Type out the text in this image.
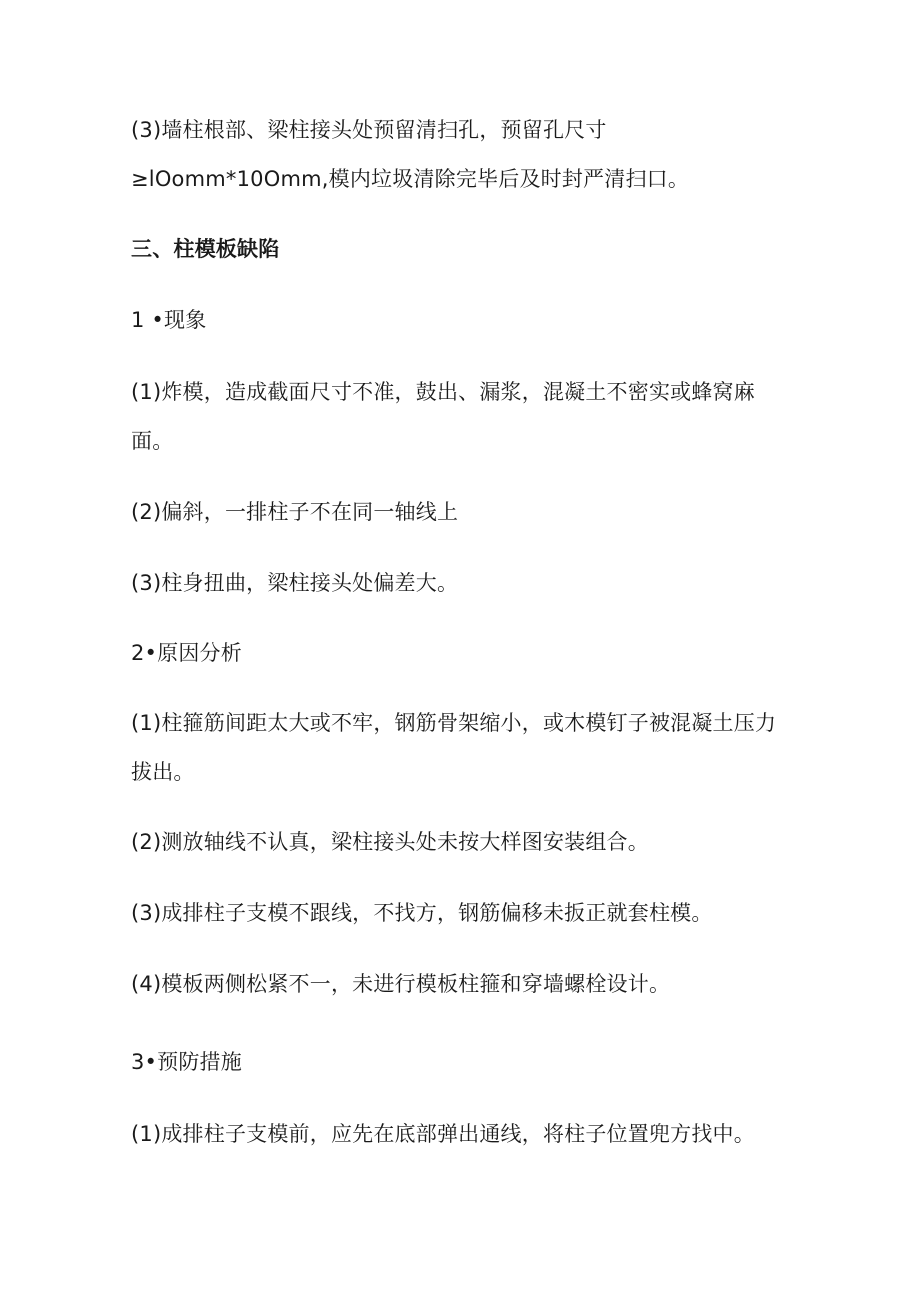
(3)墙柱根部、梁柱接头处预留清扫孔，预留孔尺寸
≥lOomm*10Omm,模内垃圾清除完毕后及时封严清扫口。
三、柱模板缺陷
1 •现象
(1)炸模，造成截面尺寸不准，鼓出、漏浆，混凝土不密实或蜂窝麻
面。
(2)偏斜，一排柱子不在同一轴线上
(3)柱身扭曲，梁柱接头处偏差大。
2•原因分析
(1)柱箍筋间距太大或不牢，钢筋骨架缩小，或木模钉子被混凝土压力
拔出。
(2)测放轴线不认真，梁柱接头处未按大样图安装组合。
(3)成排柱子支模不跟线，不找方，钢筋偏移未扳正就套柱模。
(4)模板两侧松紧不一，未进行模板柱箍和穿墙螺栓设计。
3•预防措施
(1)成排柱子支模前，应先在底部弹出通线，将柱子位置兜方找中。
